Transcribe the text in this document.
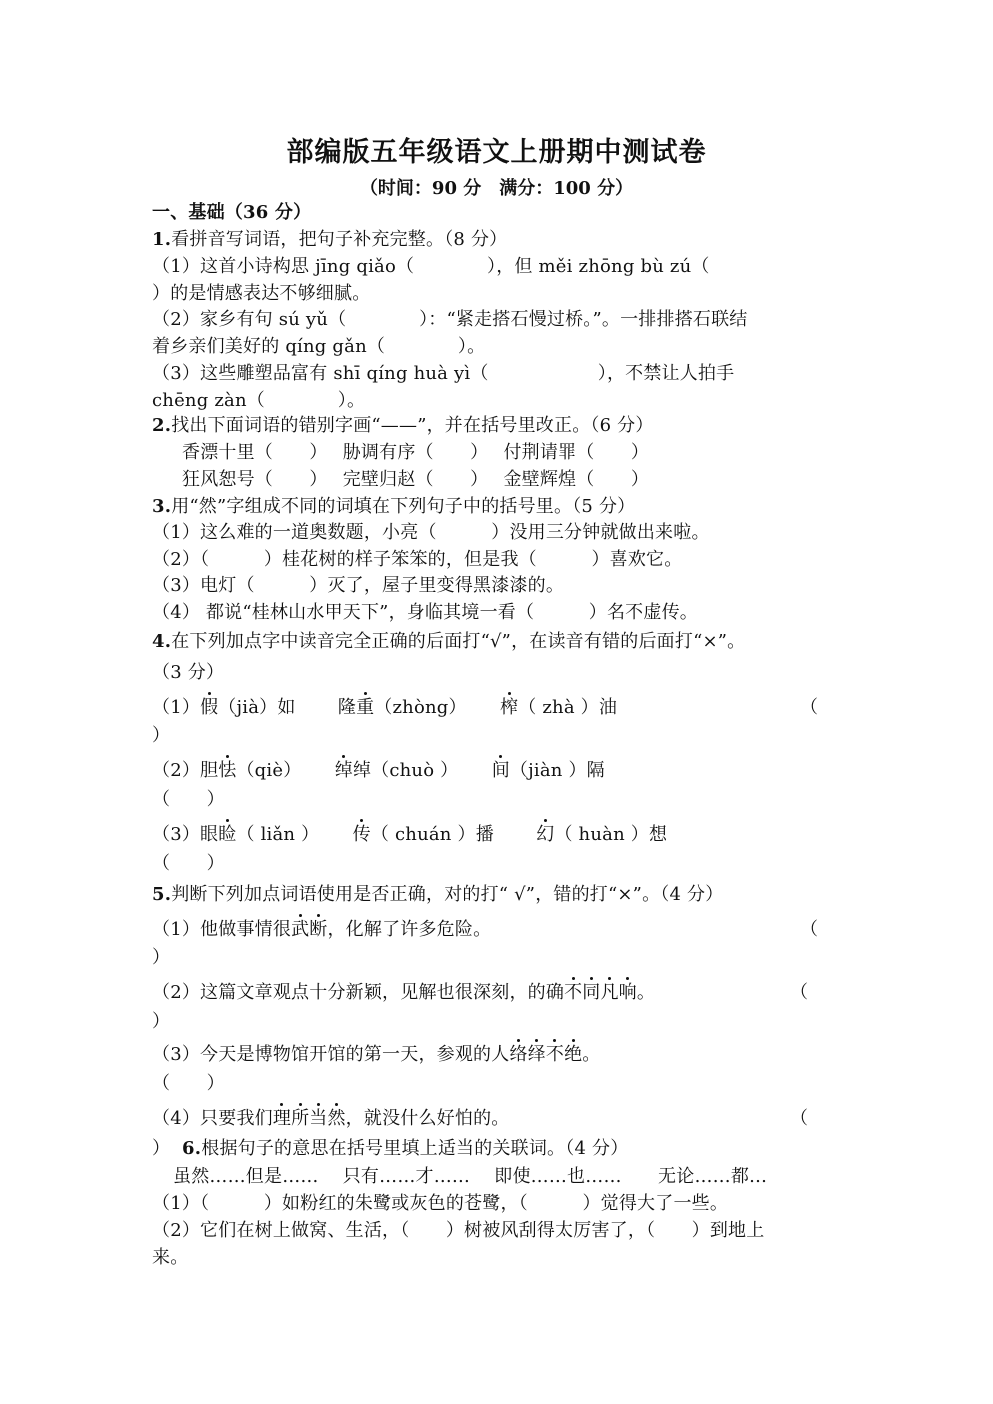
部编版五年级语文上册期中测试卷
（时间：90 分　满分：100 分）
一、基础（36 分）
1.看拼音写词语，把句子补充完整。（8 分）
（1）这首小诗构思 jīng qiǎo（　　　　），但 měi zhōng bù zú（
）的是情感表达不够细腻。
（2）家乡有句 sú yǔ（　　　　）：“紧走搭石慢过桥。”。一排排搭石联结
着乡亲们美好的 qíng gǎn（　　　　）。
（3）这些雕塑品富有 shī qíng huà yì（　　　　　　），不禁让人拍手
chēng zàn（　　　　）。
2.找出下面词语的错别字画“——”，并在括号里改正。（6 分）
香漂十里（　　）　 胁调有序（　　）　 付荆请罪（　　）
狂风恕号（　　）　 完壁归赵（　　）　 金壁辉煌（　　）
3.用“然”字组成不同的词填在下列句子中的括号里。（5 分）
（1）这么难的一道奥数题，小亮（　　　）没用三分钟就做出来啦。
（2）（　　　）桂花树的样子笨笨的，但是我（　　　）喜欢它。
（3）电灯（　　　）灭了，屋子里变得黑漆漆的。
（4） 都说“桂林山水甲天下”，身临其境一看（　　　）名不虚传。
4.在下列加点字中读音完全正确的后面打“√”，在读音有错的后面打“×”。
（3 分）
（1）假（jià）如　　 隆重（zhòng）　　 榨（ zhà ）油	（
）
（2）胆怯（qiè）　　 绰绰（chuò ）　　 间（jiàn ）隔
（　　）
（3）眼睑（ liǎn ）　　 传（ chuán ）播　　 幻（ huàn ）想
（　　）
5.判断下列加点词语使用是否正确，对的打“ √”，错的打“×”。（4 分）
（1）他做事情很武断，化解了许多危险。	（
）
（2）这篇文章观点十分新颖，见解也很深刻，的确不同凡响。	（
）
（3）今天是博物馆开馆的第一天，参观的人络绎不绝。
（　　）
（4）只要我们理所当然，就没什么好怕的。	（
） 6.根据句子的意思在括号里填上适当的关联词。（4 分）
虽然……但是……　 只有……才……　 即使……也……　　无论……都…
（1）（　　　）如粉红的朱鹭或灰色的苍鹭，（　　　）觉得大了一些。
（2）它们在树上做窝、生活，（　　）树被风刮得太厉害了，（　　）到地上
来。
